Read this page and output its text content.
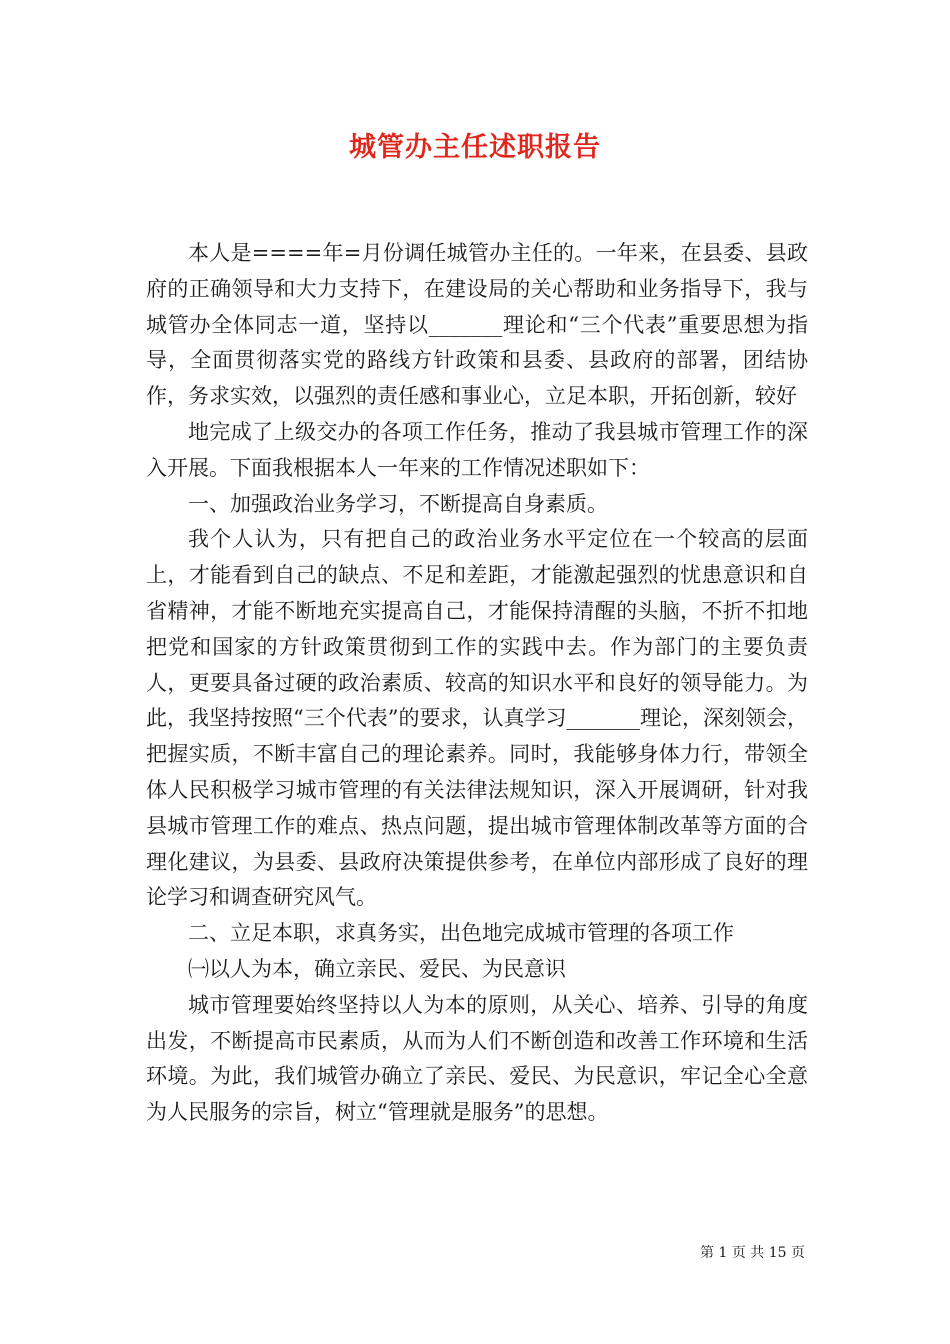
城管办主任述职报告

本人是====年=月份调任城管办主任的。一年来，在县委、县政府的正确领导和大力支持下，在建设局的关心帮助和业务指导下，我与城管办全体同志一道，坚持以_______理论和“三个代表”重要思想为指导，全面贯彻落实党的路线方针政策和县委、县政府的部署，团结协作，务求实效，以强烈的责任感和事业心，立足本职，开拓创新，较好

地完成了上级交办的各项工作任务，推动了我县城市管理工作的深入开展。下面我根据本人一年来的工作情况述职如下：

一、加强政治业务学习，不断提高自身素质。

我个人认为，只有把自己的政治业务水平定位在一个较高的层面上，才能看到自己的缺点、不足和差距，才能激起强烈的忧患意识和自省精神，才能不断地充实提高自己，才能保持清醒的头脑，不折不扣地把党和国家的方针政策贯彻到工作的实践中去。作为部门的主要负责人，更要具备过硬的政治素质、较高的知识水平和良好的领导能力。为此，我坚持按照“三个代表”的要求，认真学习_______理论，深刻领会，把握实质，不断丰富自己的理论素养。同时，我能够身体力行，带领全体人民积极学习城市管理的有关法律法规知识，深入开展调研，针对我县城市管理工作的难点、热点问题，提出城市管理体制改革等方面的合理化建议，为县委、县政府决策提供参考，在单位内部形成了良好的理论学习和调查研究风气。

二、立足本职，求真务实，出色地完成城市管理的各项工作

㈠以人为本，确立亲民、爱民、为民意识

城市管理要始终坚持以人为本的原则，从关心、培养、引导的角度出发，不断提高市民素质，从而为人们不断创造和改善工作环境和生活环境。为此，我们城管办确立了亲民、爱民、为民意识，牢记全心全意为人民服务的宗旨，树立“管理就是服务”的思想。

第 1 页 共 15 页
